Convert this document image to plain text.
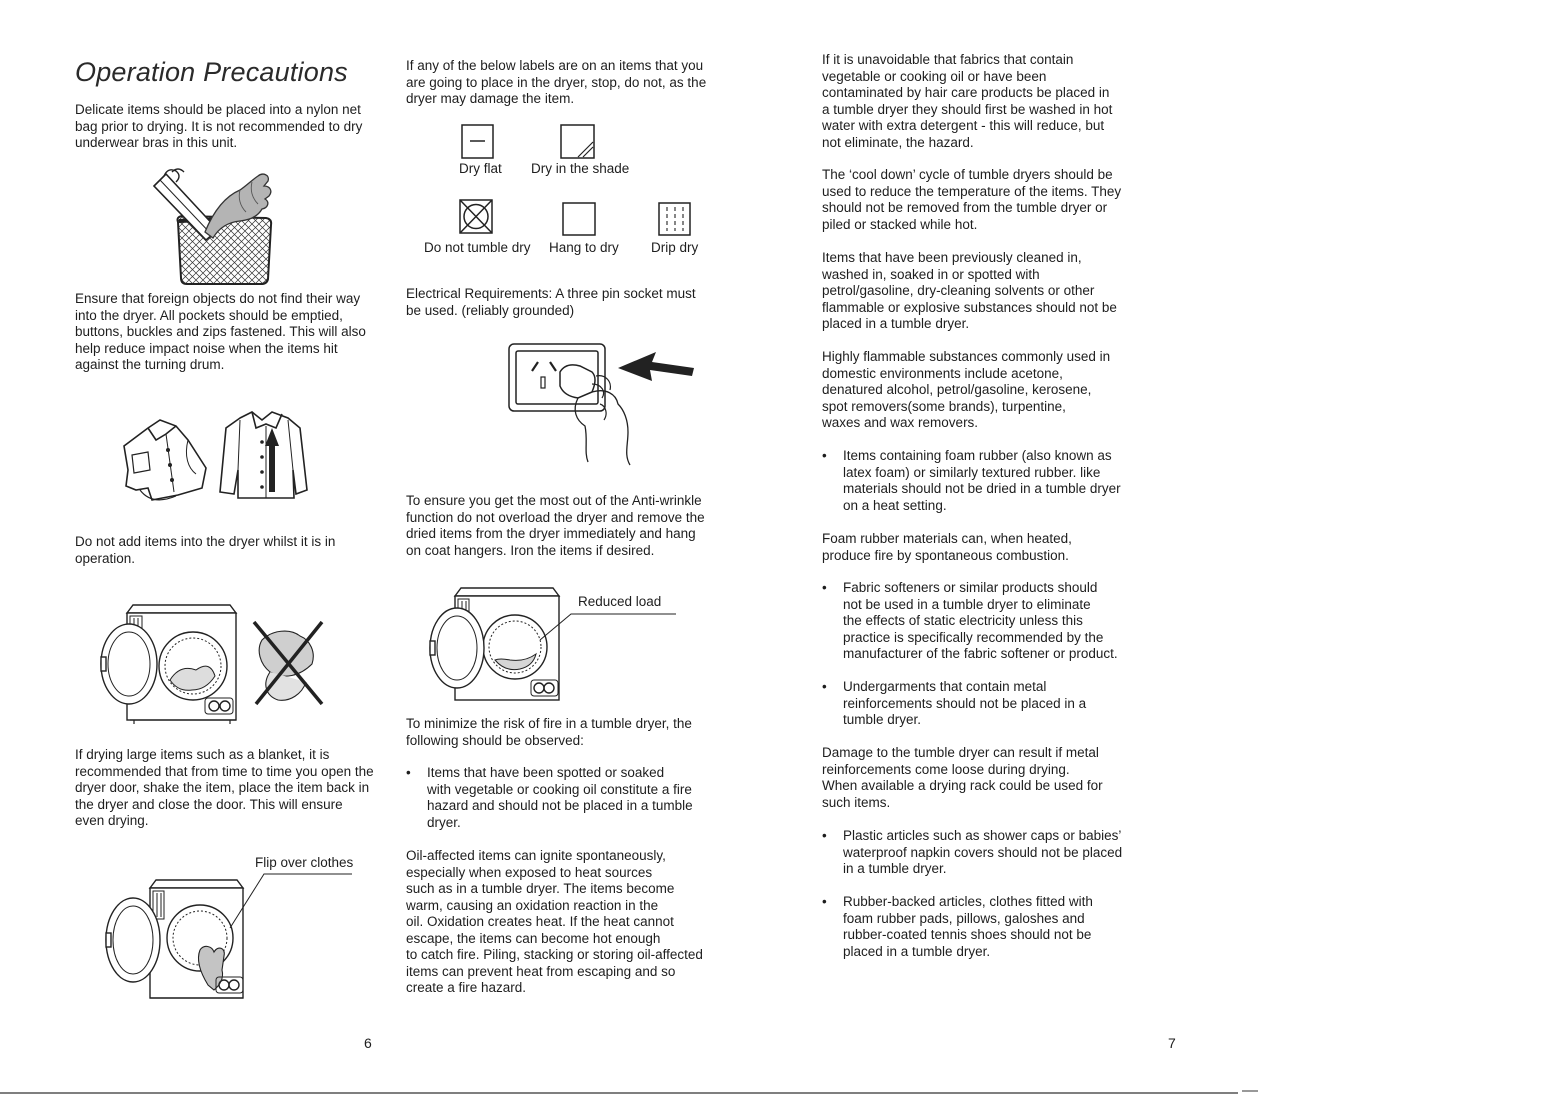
Operation Precautions
Delicate items should be placed into a nylon net
bag prior to drying. It is not recommended to dry
underwear bras in this unit.
Ensure that foreign objects do not find their way
into the dryer. All pockets should be emptied,
buttons, buckles and zips fastened. This will also
help reduce impact noise when the items hit
against the turning drum.
Do not add items into the dryer whilst it is in
operation.
If drying large items such as a blanket, it is
recommended that from time to time you open the
dryer door, shake the item, place the item back in
the dryer and close the door. This will ensure
even drying.
Flip over clothes
6
If any of the below labels are on an items that you
are going to place in the dryer, stop, do not, as the
dryer may damage the item.
Dry flat Dry in the shade
Do not tumble dry Hang to dry Drip dry
Electrical Requirements: A three pin socket must
be used. (reliably grounded)
To ensure you get the most out of the Anti-wrinkle
function do not overload the dryer and remove the
dried items from the dryer immediately and hang
on coat hangers. Iron the items if desired.
Reduced load
To minimize the risk of fire in a tumble dryer, the
following should be observed:
•	Items that have been spotted or soaked
with vegetable or cooking oil constitute a fire
hazard and should not be placed in a tumble
dryer.
Oil-affected items can ignite spontaneously,
especially when exposed to heat sources
such as in a tumble dryer. The items become
warm, causing an oxidation reaction in the
oil. Oxidation creates heat. If the heat cannot
escape, the items can become hot enough
to catch fire. Piling, stacking or storing oil-affected
items can prevent heat from escaping and so
create a fire hazard.
If it is unavoidable that fabrics that contain
vegetable or cooking oil or have been
contaminated by hair care products be placed in
a tumble dryer they should first be washed in hot
water with extra detergent - this will reduce, but
not eliminate, the hazard.
The ‘cool down’ cycle of tumble dryers should be
used to reduce the temperature of the items. They
should not be removed from the tumble dryer or
piled or stacked while hot.
Items that have been previously cleaned in,
washed in, soaked in or spotted with
petrol/gasoline, dry-cleaning solvents or other
flammable or explosive substances should not be
placed in a tumble dryer.
Highly flammable substances commonly used in
domestic environments include acetone,
denatured alcohol, petrol/gasoline, kerosene,
spot removers(some brands), turpentine,
waxes and wax removers.
•	Items containing foam rubber (also known as
latex foam) or similarly textured rubber. like
materials should not be dried in a tumble dryer
on a heat setting.
Foam rubber materials can, when heated,
produce fire by spontaneous combustion.
•	Fabric softeners or similar products should
not be used in a tumble dryer to eliminate
the effects of static electricity unless this
practice is specifically recommended by the
manufacturer of the fabric softener or product.
•	Undergarments that contain metal
reinforcements should not be placed in a
tumble dryer.
Damage to the tumble dryer can result if metal
reinforcements come loose during drying.
When available a drying rack could be used for
such items.
•	Plastic articles such as shower caps or babies’
waterproof napkin covers should not be placed
in a tumble dryer.
•	Rubber-backed articles, clothes fitted with
foam rubber pads, pillows, galoshes and
rubber-coated tennis shoes should not be
placed in a tumble dryer.
7
